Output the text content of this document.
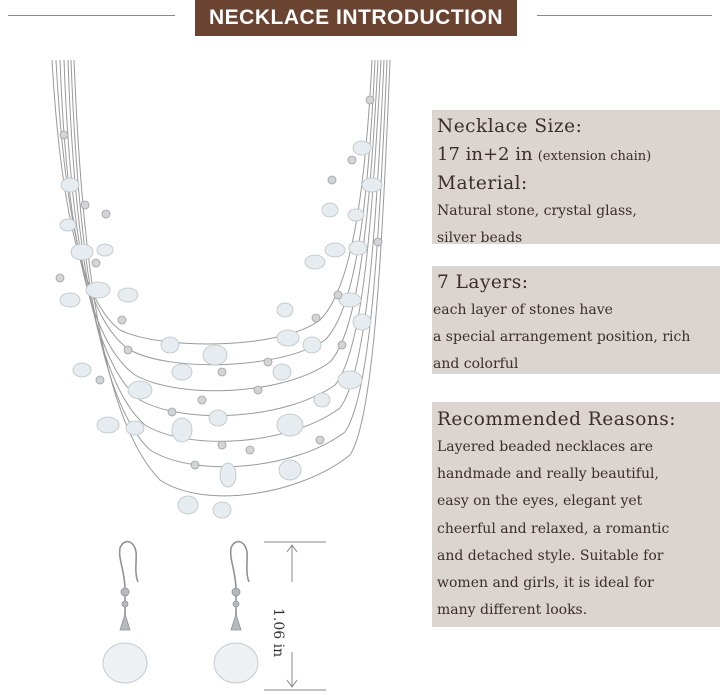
NECKLACE INTRODUCTION
1.06 in
Necklace Size:
17 in+2 in (extension chain)
Material:
Natural stone, crystal glass,
silver beads
7 Layers:
each layer of stones have
a special arrangement position, rich
and colorful
Recommended Reasons:
Layered beaded necklaces are
handmade and really beautiful,
easy on the eyes, elegant yet
cheerful and relaxed, a romantic
and detached style. Suitable for
women and girls, it is ideal for
many different looks.
